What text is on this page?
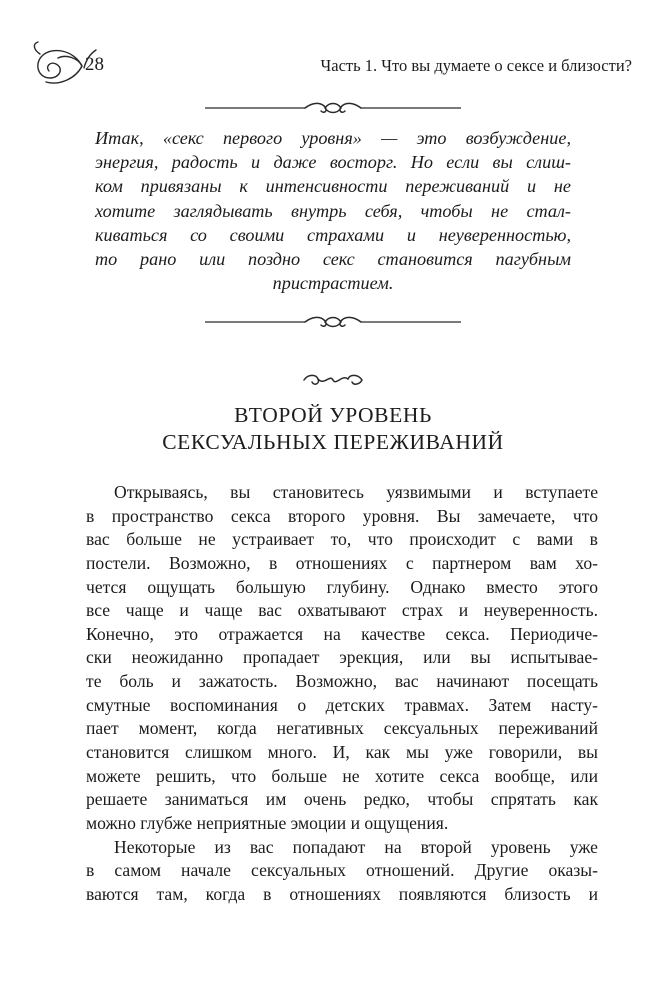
28	Часть 1. Что вы думаете о сексе и близости?
Итак, «секс первого уровня» — это возбуждение,
энергия, радость и даже восторг. Но если вы слиш-
ком привязаны к интенсивности переживаний и не
хотите заглядывать внутрь себя, чтобы не стал-
киваться со своими страхами и неуверенностью,
то рано или поздно секс становится пагубным
пристрастием.
ВТОРОЙ УРОВЕНЬ
СЕКСУАЛЬНЫХ ПЕРЕЖИВАНИЙ
Открываясь, вы становитесь уязвимыми и вступаете
в пространство секса второго уровня. Вы замечаете, что
вас больше не устраивает то, что происходит с вами в
постели. Возможно, в отношениях с партнером вам хо-
чется ощущать большую глубину. Однако вместо этого
все чаще и чаще вас охватывают страх и неуверенность.
Конечно, это отражается на качестве секса. Периодиче-
ски неожиданно пропадает эрекция, или вы испытывае-
те боль и зажатость. Возможно, вас начинают посещать
смутные воспоминания о детских травмах. Затем насту-
пает момент, когда негативных сексуальных переживаний
становится слишком много. И, как мы уже говорили, вы
можете решить, что больше не хотите секса вообще, или
решаете заниматься им очень редко, чтобы спрятать как
можно глубже неприятные эмоции и ощущения.
Некоторые из вас попадают на второй уровень уже
в самом начале сексуальных отношений. Другие оказы-
ваются там, когда в отношениях появляются близость и
